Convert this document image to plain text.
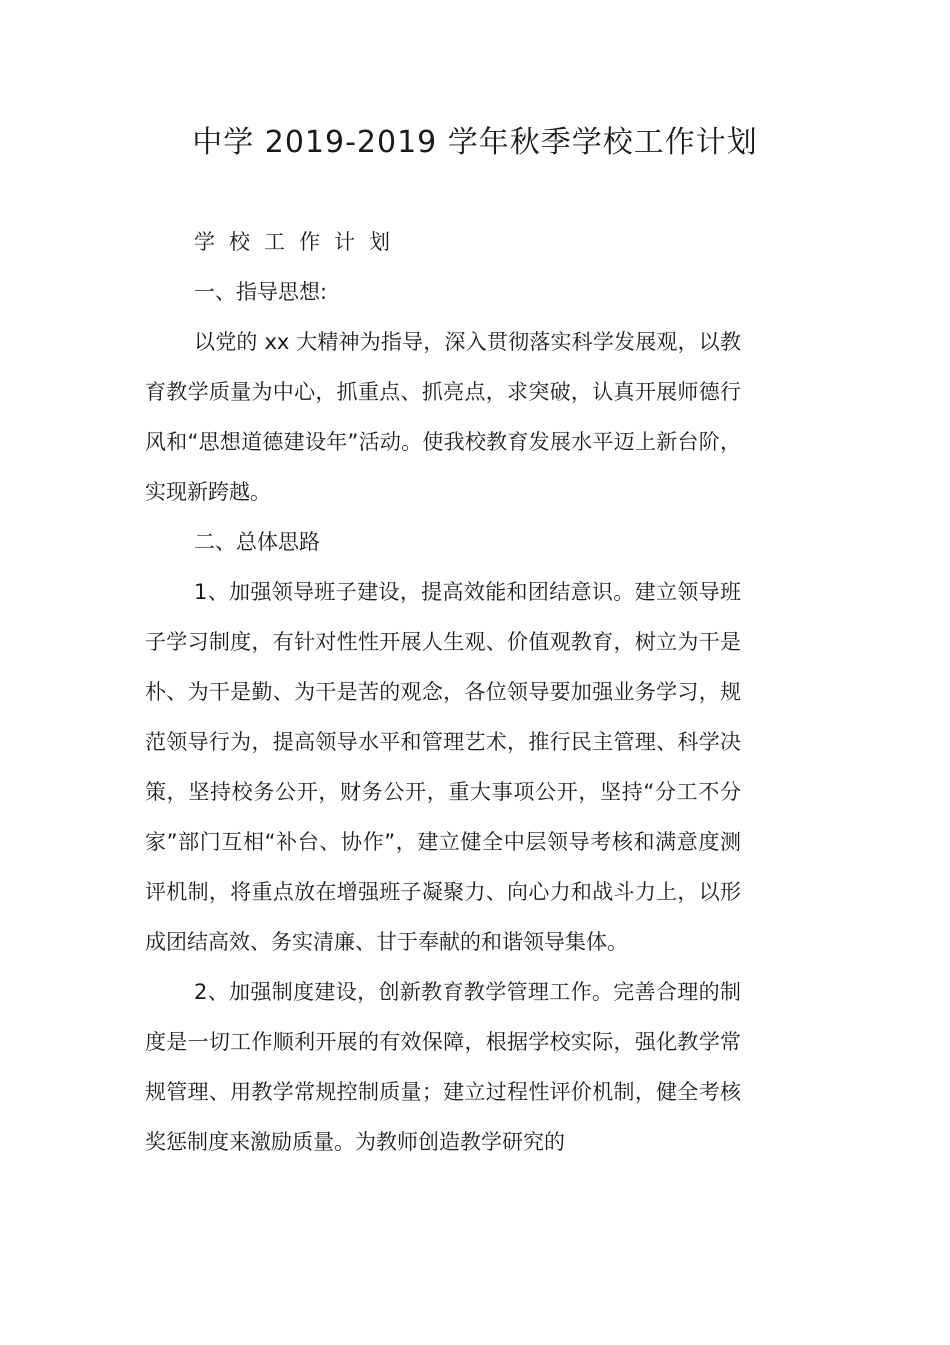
中学 2019-2019 学年秋季学校工作计划

学校工作计划

一、指导思想:

以党的 xx 大精神为指导，深入贯彻落实科学发展观，以教育教学质量为中心，抓重点、抓亮点，求突破，认真开展师德行风和“思想道德建设年”活动。使我校教育发展水平迈上新台阶，实现新跨越。

二、总体思路

1、加强领导班子建设，提高效能和团结意识。建立领导班子学习制度，有针对性性开展人生观、价值观教育，树立为干是朴、为干是勤、为干是苦的观念，各位领导要加强业务学习，规范领导行为，提高领导水平和管理艺术，推行民主管理、科学决策，坚持校务公开，财务公开，重大事项公开，坚持“分工不分家”部门互相“补台、协作”，建立健全中层领导考核和满意度测评机制，将重点放在增强班子凝聚力、向心力和战斗力上，以形成团结高效、务实清廉、甘于奉献的和谐领导集体。

2、加强制度建设，创新教育教学管理工作。完善合理的制度是一切工作顺利开展的有效保障，根据学校实际，强化教学常规管理、用教学常规控制质量；建立过程性评价机制，健全考核奖惩制度来激励质量。为教师创造教学研究的
